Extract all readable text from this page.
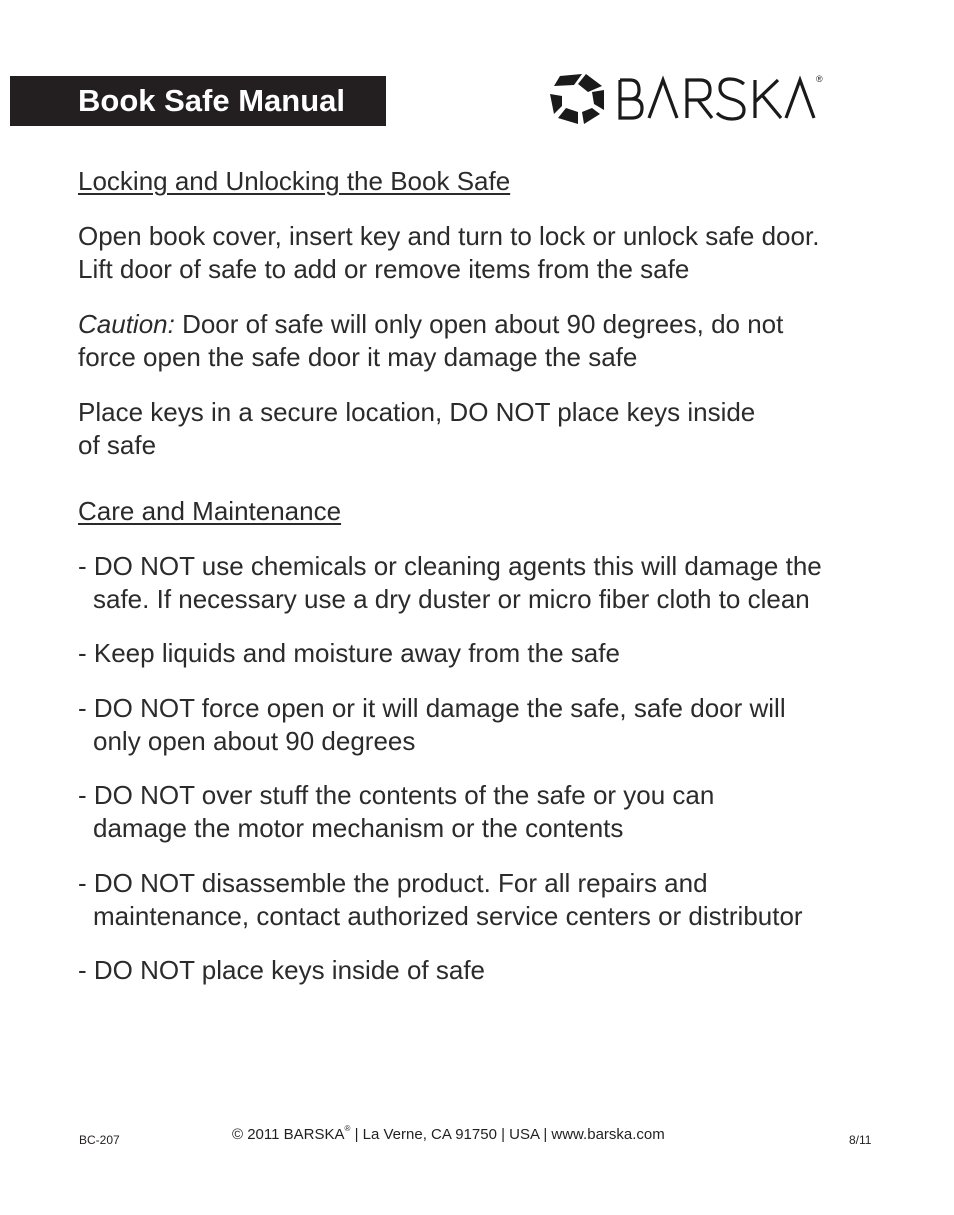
Book Safe Manual
®

Locking and Unlocking the Book Safe

Open book cover, insert key and turn to lock or unlock safe door.
Lift door of safe to add or remove items from the safe

Caution: Door of safe will only open about 90 degrees, do not
force open the safe door it may damage the safe

Place keys in a secure location, DO NOT place keys inside
of safe

Care and Maintenance

- DO NOT use chemicals or cleaning agents this will damage the
safe. If necessary use a dry duster or micro fiber cloth to clean

- Keep liquids and moisture away from the safe

- DO NOT force open or it will damage the safe, safe door will
only open about 90 degrees

- DO NOT over stuff the contents of the safe or you can
damage the motor mechanism or the contents

- DO NOT disassemble the product. For all repairs and
maintenance, contact authorized service centers or distributor

- DO NOT place keys inside of safe

BC-207	© 2011 BARSKA® | La Verne, CA 91750 | USA | www.barska.com	8/11
